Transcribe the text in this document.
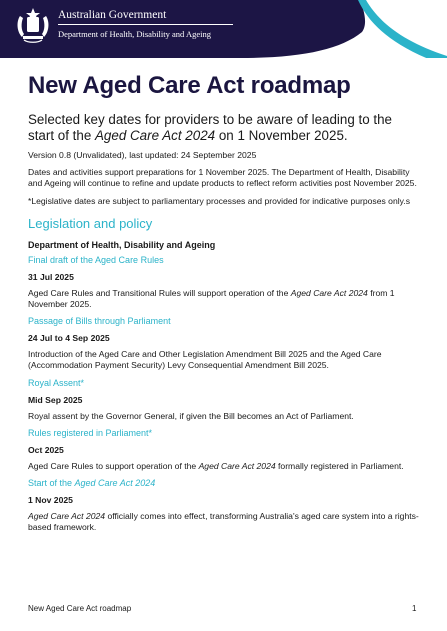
Australian Government
Department of Health, Disability and Ageing
New Aged Care Act roadmap

Selected key dates for providers to be aware of leading to the start of the Aged Care Act 2024 on 1 November 2025.

Version 0.8 (Unvalidated), last updated: 24 September 2025

Dates and activities support preparations for 1 November 2025. The Department of Health, Disability and Ageing will continue to refine and update products to reflect reform activities post November 2025.

*Legislative dates are subject to parliamentary processes and provided for indicative purposes only.s

Legislation and policy
Department of Health, Disability and Ageing
Final draft of the Aged Care Rules
31 Jul 2025

Aged Care Rules and Transitional Rules will support operation of the Aged Care Act 2024 from 1 November 2025.

Passage of Bills through Parliament
24 Jul to 4 Sep 2025

Introduction of the Aged Care and Other Legislation Amendment Bill 2025 and the Aged Care (Accommodation Payment Security) Levy Consequential Amendment Bill 2025.

Royal Assent*
Mid Sep 2025

Royal assent by the Governor General, if given the Bill becomes an Act of Parliament.

Rules registered in Parliament*
Oct 2025

Aged Care Rules to support operation of the Aged Care Act 2024 formally registered in Parliament.

Start of the Aged Care Act 2024
1 Nov 2025

Aged Care Act 2024 officially comes into effect, transforming Australia's aged care system into a rights-based framework.

New Aged Care Act roadmap	1
